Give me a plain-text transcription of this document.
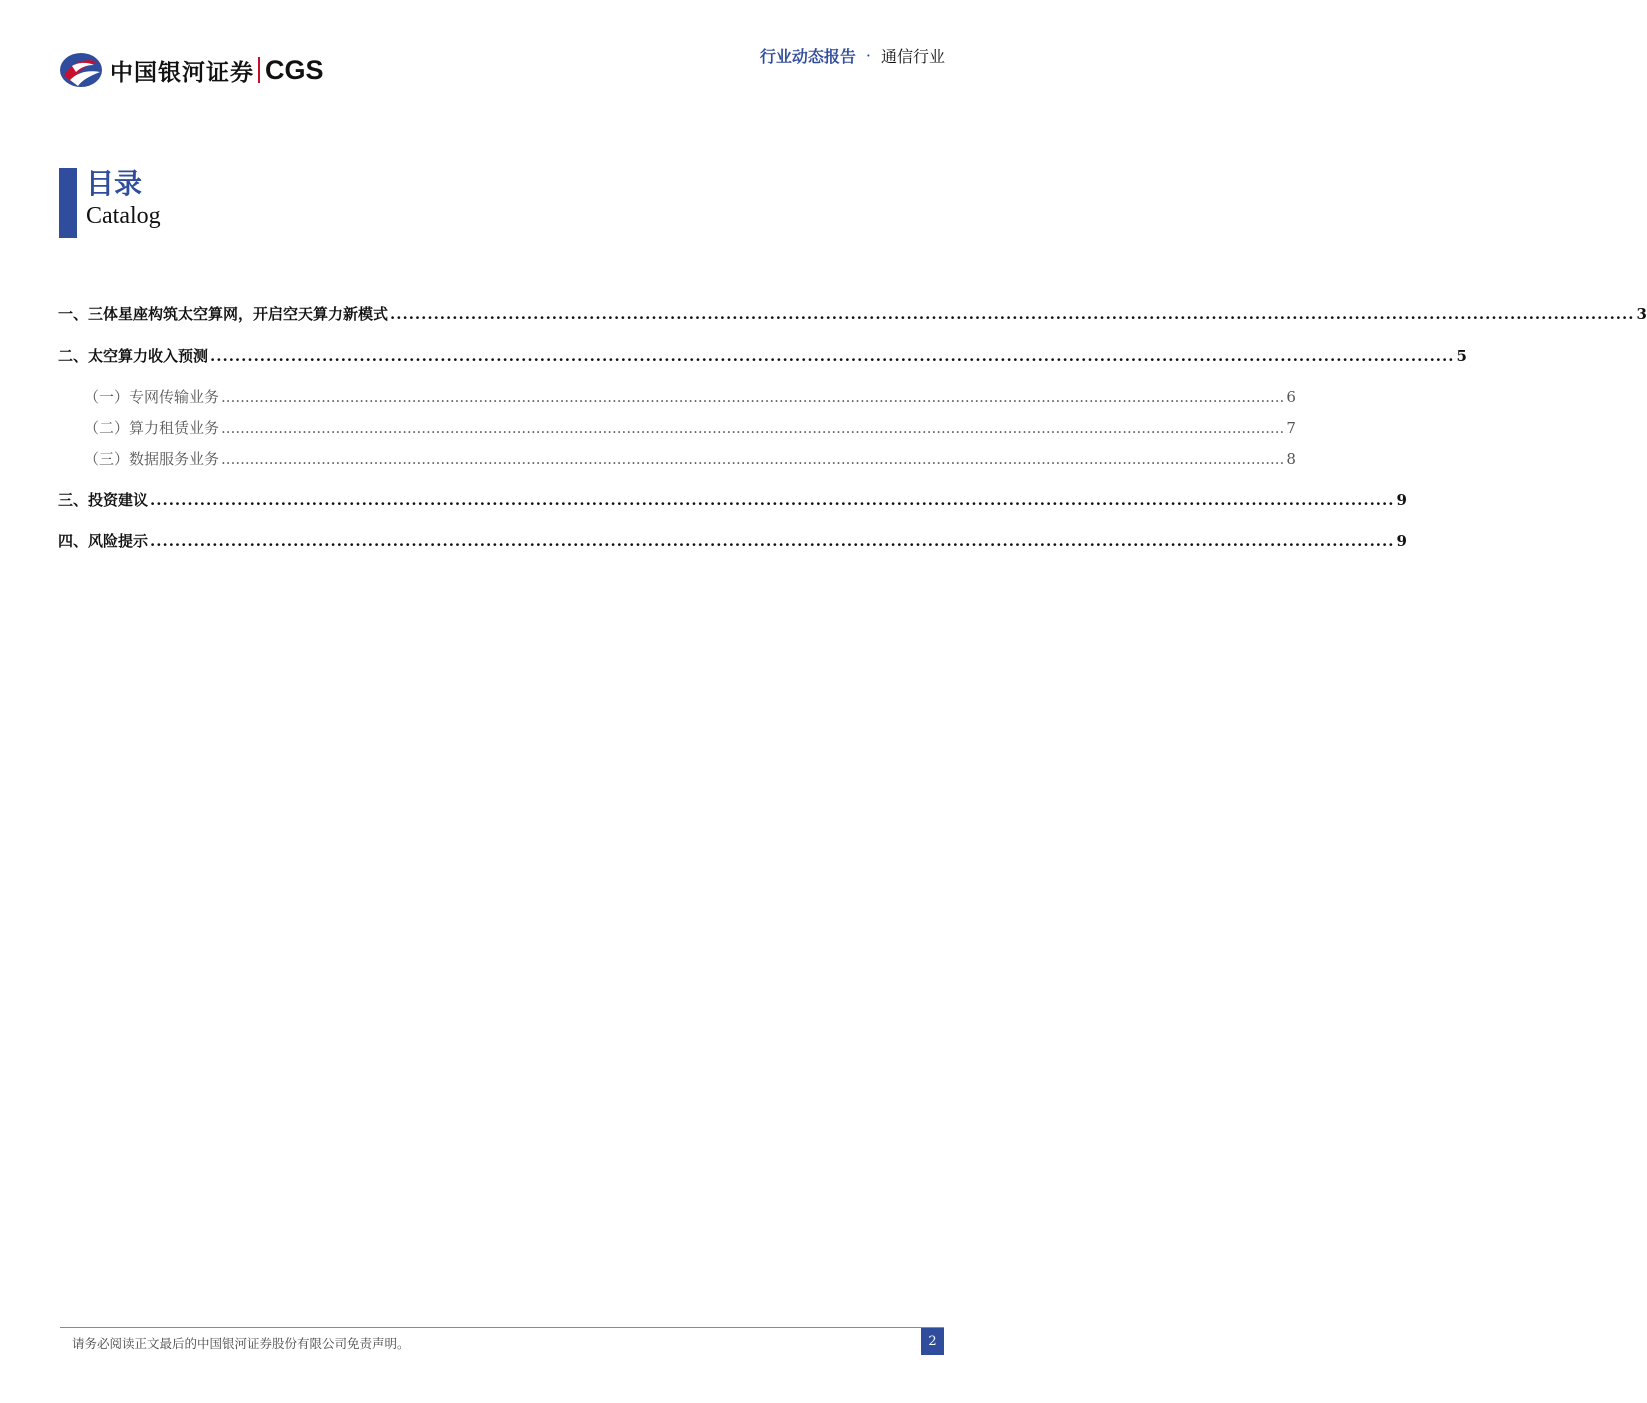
中国银河证券 CGS	行业动态报告 · 通信行业
目录
Catalog
一、 三体星座构筑太空算网，开启空天算力新模式 ........................................................................................................................................................................................................ 3
二、 太空算力收入预测 ........................................................................................................................................................................................................ 5
（一） 专网传输业务 ............................................................................................................................................................................................................................... 6
（二） 算力租赁业务 ............................................................................................................................................................................................................................... 7
（三） 数据服务业务 ............................................................................................................................................................................................................................... 8
三、 投资建议 ........................................................................................................................................................................................................ 9
四、 风险提示 ........................................................................................................................................................................................................ 9
请务必阅读正文最后的中国银河证券股份有限公司免责声明。	2
